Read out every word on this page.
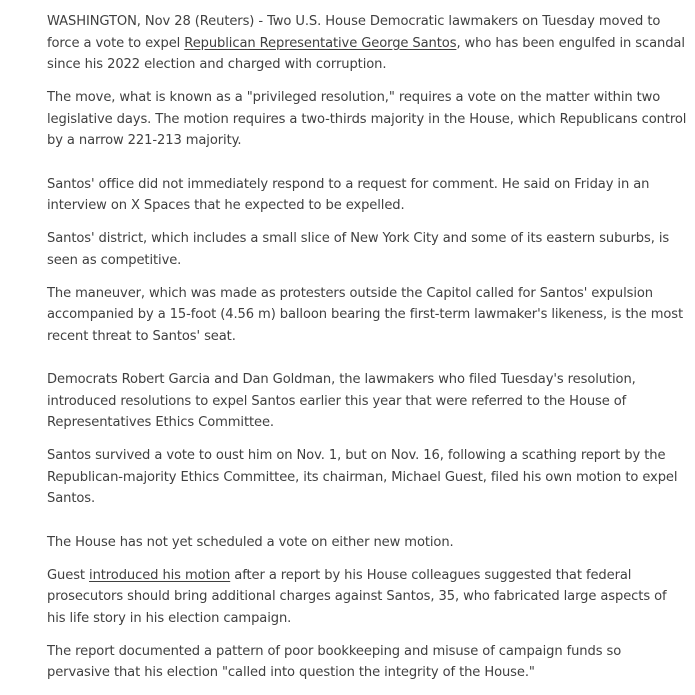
WASHINGTON, Nov 28 (Reuters) - Two U.S. House Democratic lawmakers on Tuesday moved to force a vote to expel Republican Representative George Santos, who has been engulfed in scandal since his 2022 election and charged with corruption.

The move, what is known as a "privileged resolution," requires a vote on the matter within two legislative days. The motion requires a two-thirds majority in the House, which Republicans control by a narrow 221-213 majority.

Santos' office did not immediately respond to a request for comment. He said on Friday in an interview on X Spaces that he expected to be expelled.

Santos' district, which includes a small slice of New York City and some of its eastern suburbs, is seen as competitive.

The maneuver, which was made as protesters outside the Capitol called for Santos' expulsion accompanied by a 15-foot (4.56 m) balloon bearing the first-term lawmaker's likeness, is the most recent threat to Santos' seat.

Democrats Robert Garcia and Dan Goldman, the lawmakers who filed Tuesday's resolution, introduced resolutions to expel Santos earlier this year that were referred to the House of Representatives Ethics Committee.

Santos survived a vote to oust him on Nov. 1, but on Nov. 16, following a scathing report by the Republican-majority Ethics Committee, its chairman, Michael Guest, filed his own motion to expel Santos.

The House has not yet scheduled a vote on either new motion.

Guest introduced his motion after a report by his House colleagues suggested that federal prosecutors should bring additional charges against Santos, 35, who fabricated large aspects of his life story in his election campaign.

The report documented a pattern of poor bookkeeping and misuse of campaign funds so pervasive that his election "called into question the integrity of the House."
